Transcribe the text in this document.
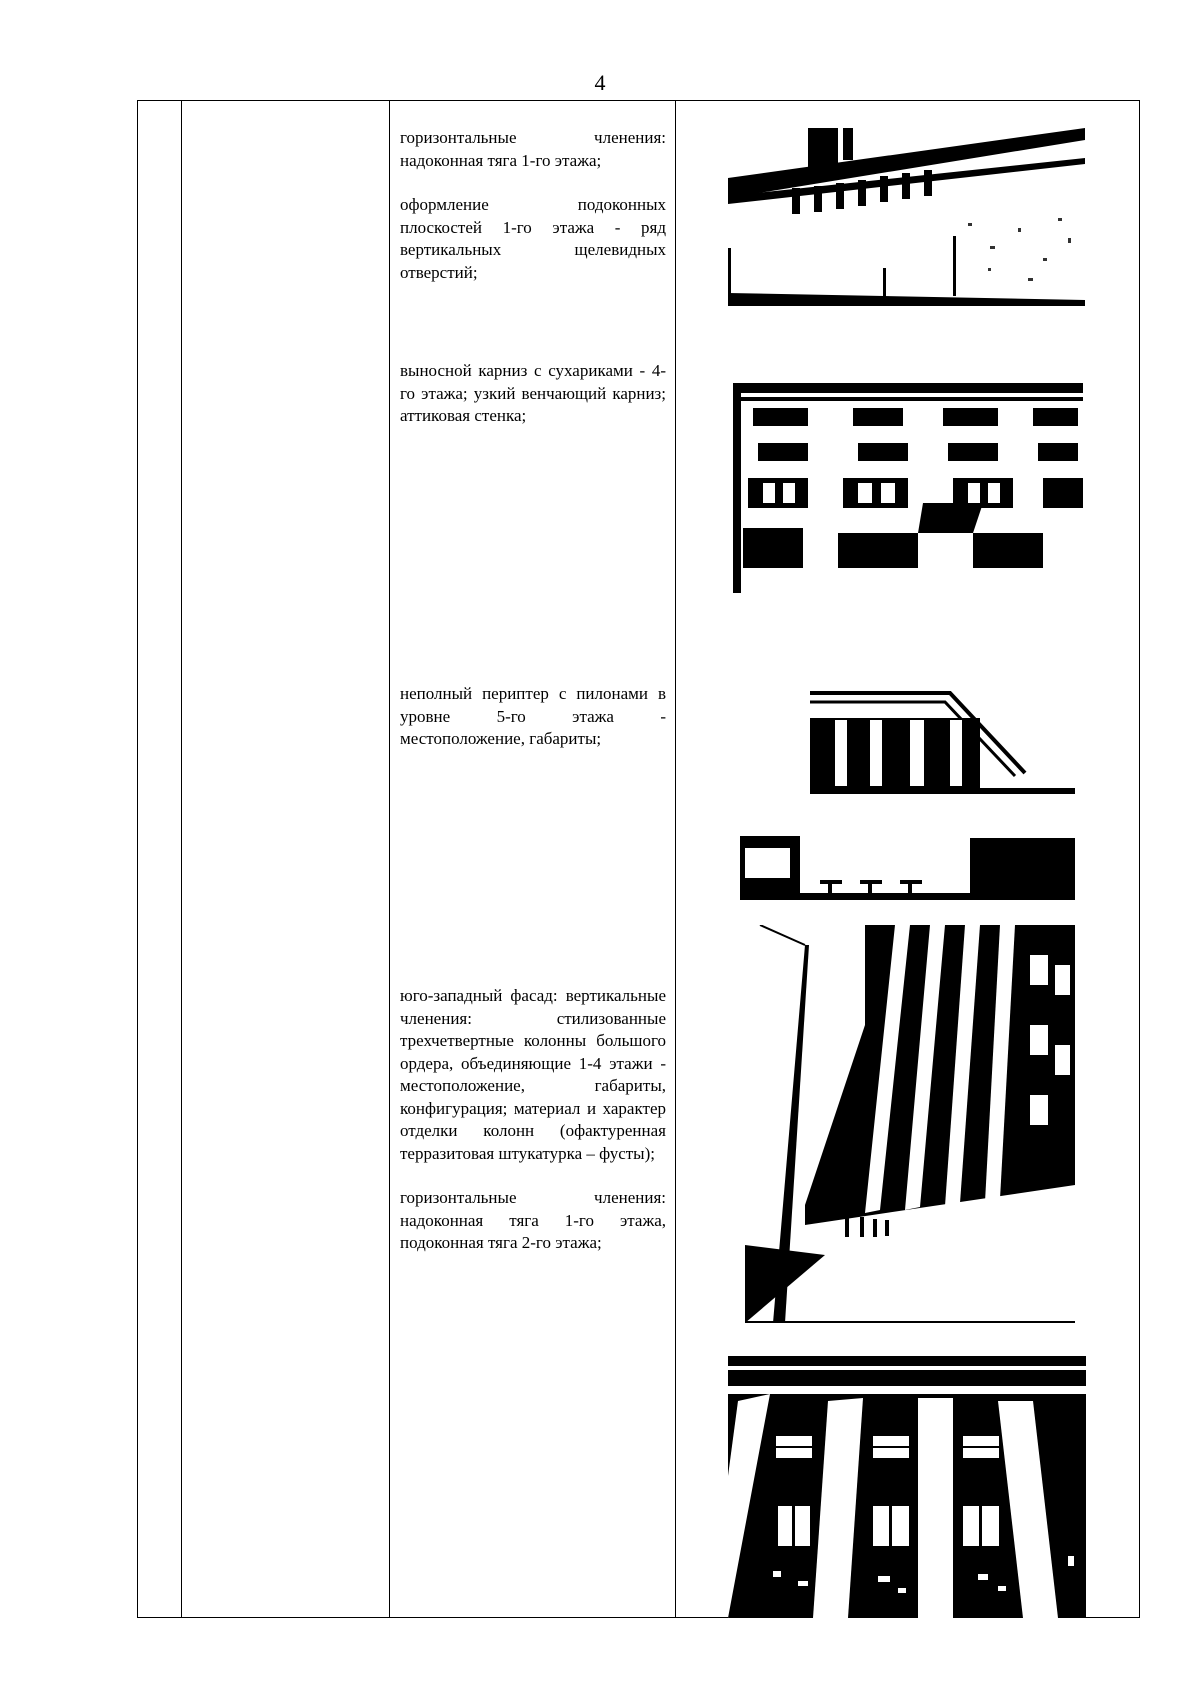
4

горизонтальные членения: надоконная тяга 1-го этажа;

оформление подоконных плоскостей 1-го этажа - ряд вертикальных щелевидных отверстий;

выносной карниз с сухариками - 4-го этажа; узкий венчающий карниз; аттиковая стенка;

неполный периптер с пилонами в уровне 5-го этажа - местоположение, габариты;

юго-западный фасад: вертикальные членения: стилизованные трехчетвертные колонны большого ордера, объединяющие 1-4 этажи - местоположение, габариты, конфигурация; материал и характер отделки колонн (офактуренная терразитовая штукатурка – фусты);

горизонтальные членения: надоконная тяга 1-го этажа, подоконная тяга 2-го этажа;
